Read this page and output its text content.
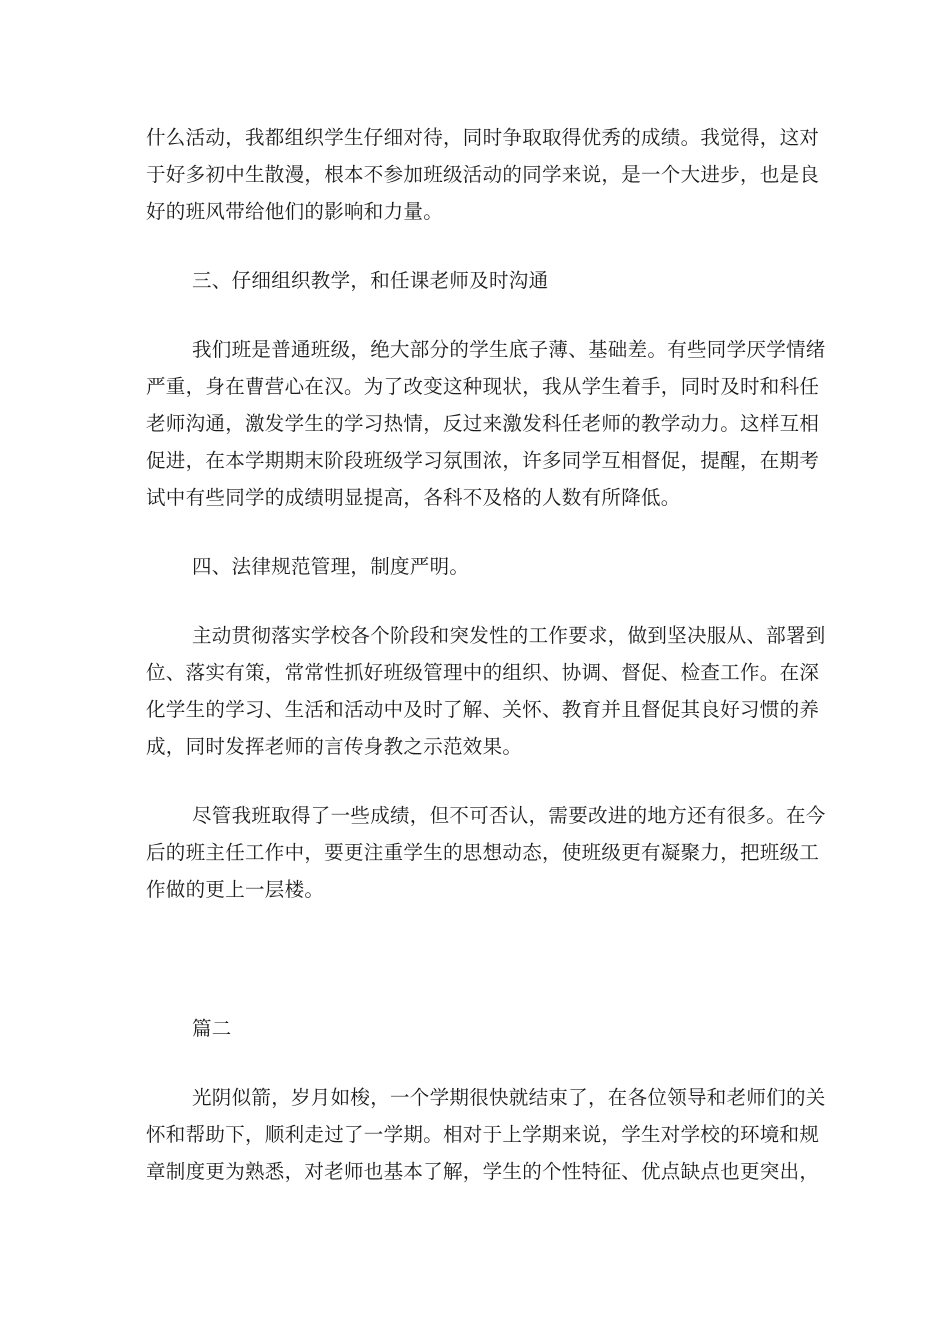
什么活动，我都组织学生仔细对待，同时争取取得优秀的成绩。我觉得，这对
于好多初中生散漫，根本不参加班级活动的同学来说，是一个大进步，也是良
好的班风带给他们的影响和力量。
三、仔细组织教学，和任课老师及时沟通
我们班是普通班级，绝大部分的学生底子薄、基础差。有些同学厌学情绪
严重，身在曹营心在汉。为了改变这种现状，我从学生着手，同时及时和科任
老师沟通，激发学生的学习热情，反过来激发科任老师的教学动力。这样互相
促进，在本学期期末阶段班级学习氛围浓，许多同学互相督促，提醒，在期考
试中有些同学的成绩明显提高，各科不及格的人数有所降低。
四、法律规范管理，制度严明。
主动贯彻落实学校各个阶段和突发性的工作要求，做到坚决服从、部署到
位、落实有策，常常性抓好班级管理中的组织、协调、督促、检查工作。在深
化学生的学习、生活和活动中及时了解、关怀、教育并且督促其良好习惯的养
成，同时发挥老师的言传身教之示范效果。
尽管我班取得了一些成绩，但不可否认，需要改进的地方还有很多。在今
后的班主任工作中，要更注重学生的思想动态，使班级更有凝聚力，把班级工
作做的更上一层楼。
篇二
光阴似箭，岁月如梭，一个学期很快就结束了，在各位领导和老师们的关
怀和帮助下，顺利走过了一学期。相对于上学期来说，学生对学校的环境和规
章制度更为熟悉，对老师也基本了解，学生的个性特征、优点缺点也更突出，
